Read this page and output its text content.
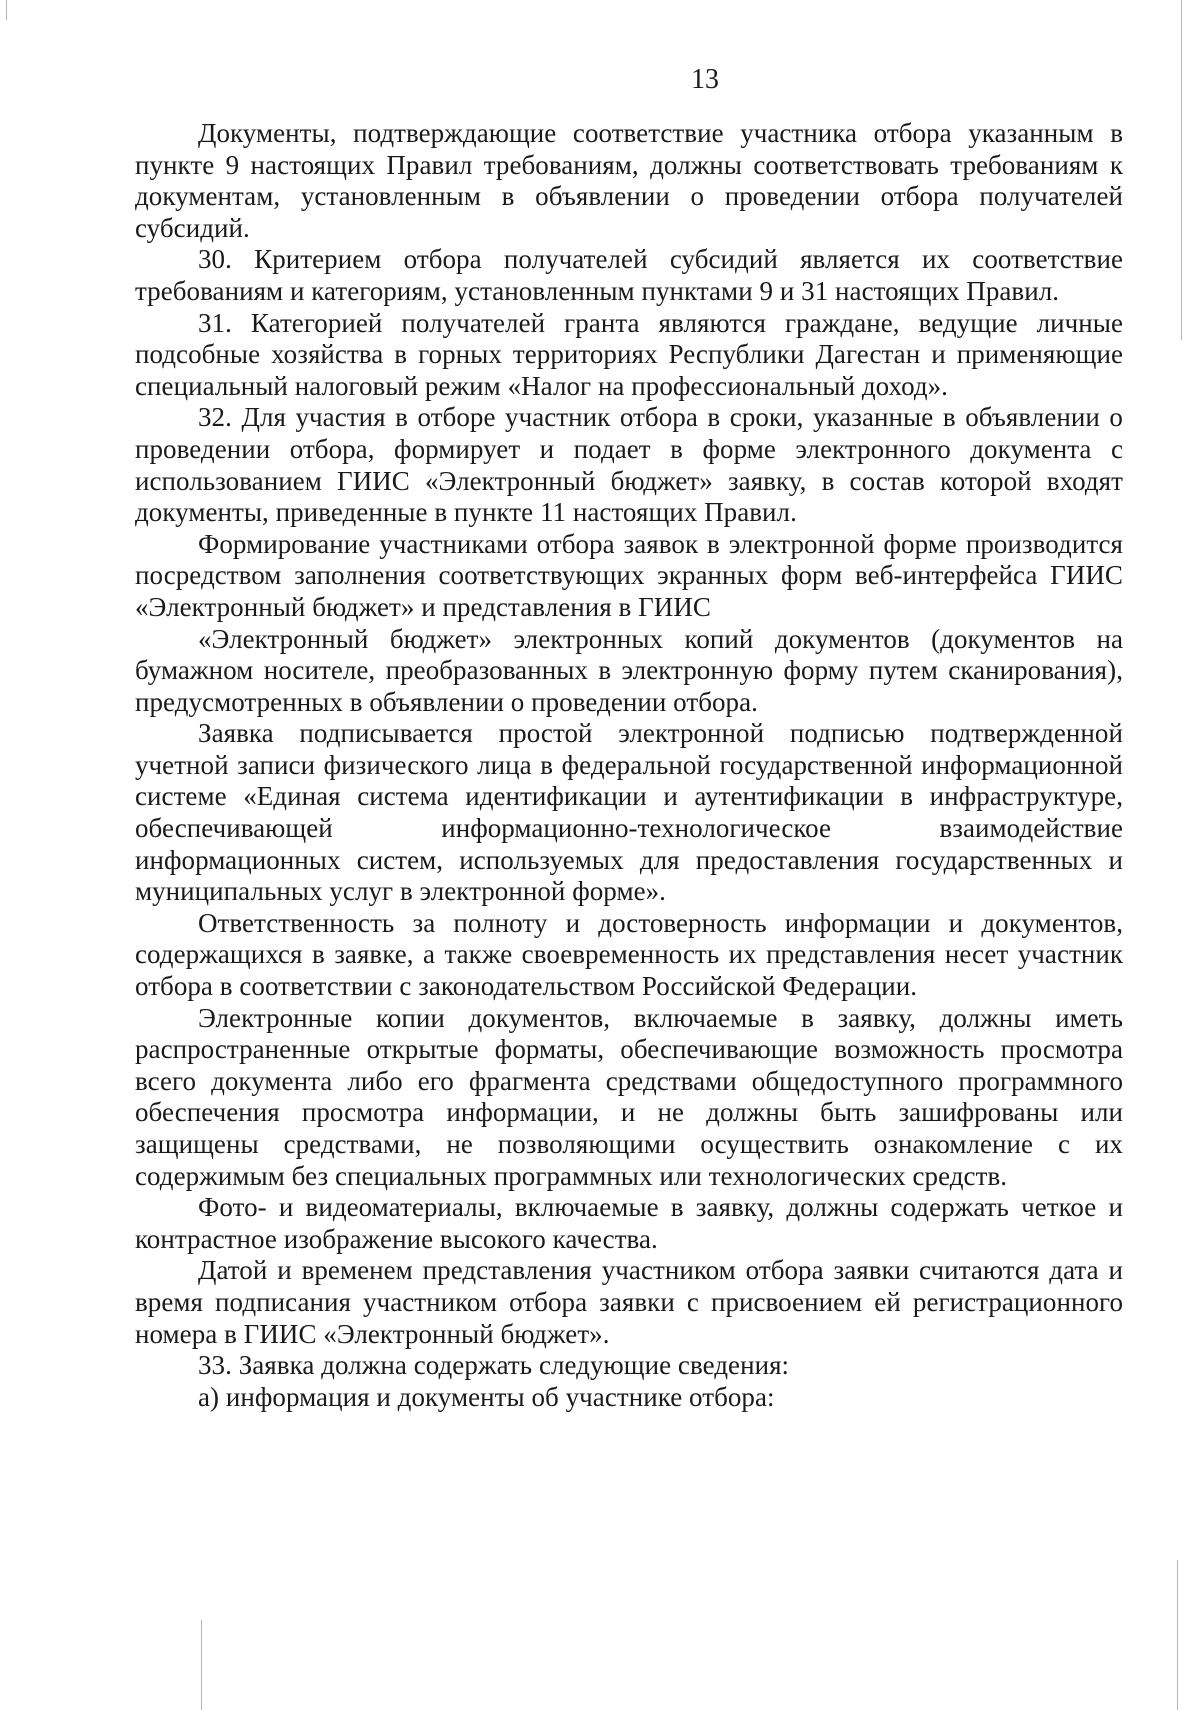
13

Документы, подтверждающие соответствие участника отбора указанным в пункте 9 настоящих Правил требованиям, должны соответствовать требованиям к документам, установленным в объявлении о проведении отбора получателей субсидий.

30. Критерием отбора получателей субсидий является их соответствие требованиям и категориям, установленным пунктами 9 и 31 настоящих Правил.

31. Категорией получателей гранта являются граждане, ведущие личные подсобные хозяйства в горных территориях Республики Дагестан и применяющие специальный налоговый режим «Налог на профессиональный доход».

32. Для участия в отборе участник отбора в сроки, указанные в объявлении о проведении отбора, формирует и подает в форме электронного документа с использованием ГИИС «Электронный бюджет» заявку, в состав которой входят документы, приведенные в пункте 11 настоящих Правил.

Формирование участниками отбора заявок в электронной форме производится посредством заполнения соответствующих экранных форм веб-интерфейса ГИИС «Электронный бюджет» и представления в ГИИС

«Электронный бюджет» электронных копий документов (документов на бумажном носителе, преобразованных в электронную форму путем сканирования), предусмотренных в объявлении о проведении отбора.

Заявка подписывается простой электронной подписью подтвержденной учетной записи физического лица в федеральной государственной информационной системе «Единая система идентификации и аутентификации в инфраструктуре, обеспечивающей информационно-технологическое взаимодействие информационных систем, используемых для предоставления государственных и муниципальных услуг в электронной форме».

Ответственность за полноту и достоверность информации и документов, содержащихся в заявке, а также своевременность их представления несет участник отбора в соответствии с законодательством Российской Федерации.

Электронные копии документов, включаемые в заявку, должны иметь распространенные открытые форматы, обеспечивающие возможность просмотра всего документа либо его фрагмента средствами общедоступного программного обеспечения просмотра информации, и не должны быть зашифрованы или защищены средствами, не позволяющими осуществить ознакомление с их содержимым без специальных программных или технологических средств.

Фото- и видеоматериалы, включаемые в заявку, должны содержать четкое и контрастное изображение высокого качества.

Датой и временем представления участником отбора заявки считаются дата и время подписания участником отбора заявки с присвоением ей регистрационного номера в ГИИС «Электронный бюджет».

33. Заявка должна содержать следующие сведения:

а) информация и документы об участнике отбора:
